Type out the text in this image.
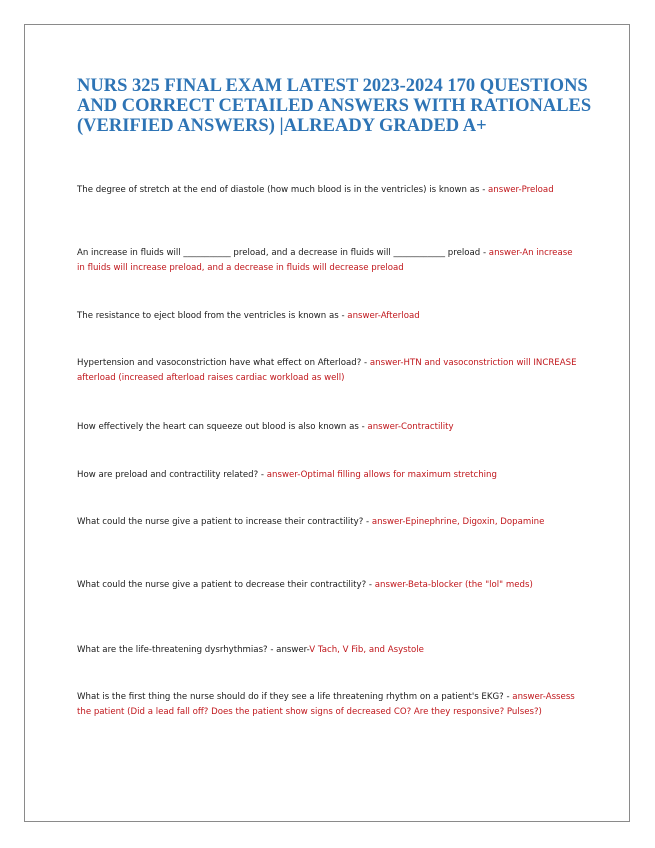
NURS 325 FINAL EXAM LATEST 2023-2024 170 QUESTIONS AND CORRECT CETAILED ANSWERS WITH RATIONALES (VERIFIED ANSWERS) |ALREADY GRADED A+

The degree of stretch at the end of diastole (how much blood is in the ventricles) is known as - answer-Preload

An increase in fluids will ___________ preload, and a decrease in fluids will ____________ preload - answer-An increase in fluids will increase preload, and a decrease in fluids will decrease preload

The resistance to eject blood from the ventricles is known as - answer-Afterload

Hypertension and vasoconstriction have what effect on Afterload? - answer-HTN and vasoconstriction will INCREASE afterload (increased afterload raises cardiac workload as well)

How effectively the heart can squeeze out blood is also known as - answer-Contractility

How are preload and contractility related? - answer-Optimal filling allows for maximum stretching

What could the nurse give a patient to increase their contractility? - answer-Epinephrine, Digoxin, Dopamine

What could the nurse give a patient to decrease their contractility? - answer-Beta-blocker (the "lol" meds)

What are the life-threatening dysrhythmias? - answer-V Tach, V Fib, and Asystole

What is the first thing the nurse should do if they see a life threatening rhythm on a patient's EKG? - answer-Assess the patient (Did a lead fall off? Does the patient show signs of decreased CO? Are they responsive? Pulses?)
